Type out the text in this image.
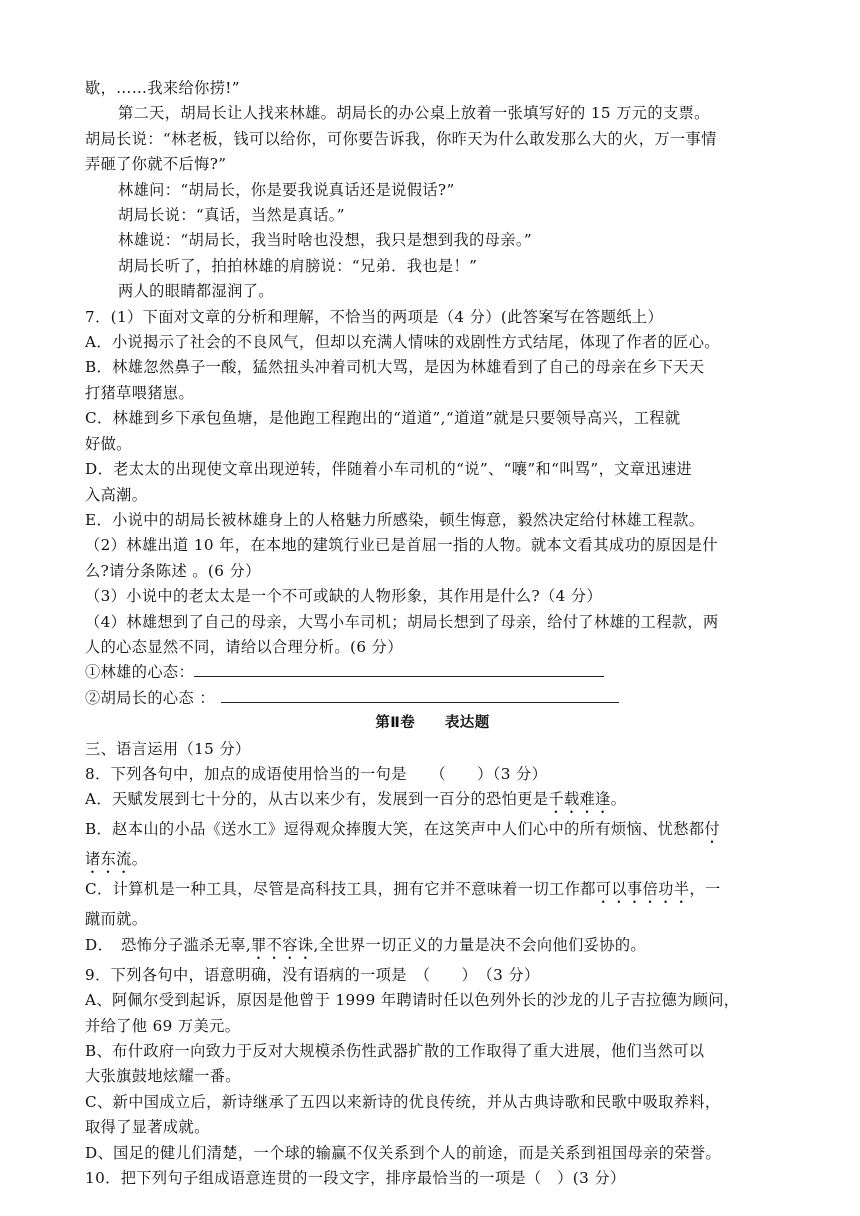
歇，……我来给你捞!”

第二天，胡局长让人找来林雄。胡局长的办公桌上放着一张填写好的 15 万元的支票。

胡局长说：“林老板，钱可以给你，可你要告诉我，你昨天为什么敢发那么大的火，万一事情

弄砸了你就不后悔?”

林雄问：“胡局长，你是要我说真话还是说假话?”

胡局长说：“真话，当然是真话。”

林雄说：“胡局长，我当时啥也没想，我只是想到我的母亲。”

胡局长听了，拍拍林雄的肩膀说：“兄弟．我也是！”

两人的眼睛都湿润了。

7．(1）下面对文章的分析和理解，不恰当的两项是（4 分）(此答案写在答题纸上）

A．小说揭示了社会的不良风气，但却以充满人情味的戏剧性方式结尾，体现了作者的匠心。

B．林雄忽然鼻子一酸，猛然扭头冲着司机大骂，是因为林雄看到了自己的母亲在乡下天天

打猪草喂猪崽。

C．林雄到乡下承包鱼塘，是他跑工程跑出的“道道”,“道道”就是只要领导高兴，工程就

好做。

D．老太太的出现使文章出现逆转，伴随着小车司机的“说”、“嚷”和“叫骂”，文章迅速进

入高潮。

E．小说中的胡局长被林雄身上的人格魅力所感染，顿生悔意，毅然决定给付林雄工程款。

（2）林雄出道 10 年，在本地的建筑行业已是首屈一指的人物。就本文看其成功的原因是什

么?请分条陈述 。(6 分）

（3）小说中的老太太是一个不可或缺的人物形象，其作用是什么?（4 分）

（4）林雄想到了自己的母亲，大骂小车司机；胡局长想到了母亲，给付了林雄的工程款，两

人的心态显然不同，请给以合理分析。(6 分）

①林雄的心态：

②胡局长的心态 ：

第Ⅱ卷　　表达题

三、语言运用（15 分）

8．下列各句中，加点的成语使用恰当的一句是　　（　　）（3 分）

A．天赋发展到七十分的，从古以来少有，发展到一百分的恐怕更是千载难逢。

B．赵本山的小品《送水工》逗得观众捧腹大笑，在这笑声中人们心中的所有烦恼、忧愁都付

诸东流。

C．计算机是一种工具，尽管是高科技工具，拥有它并不意味着一切工作都可以事倍功半，一

蹴而就。

D．　恐怖分子滥杀无辜,罪不容诛,全世界一切正义的力量是决不会向他们妥协的。

9．下列各句中，语意明确，没有语病的一项是　（　　）　（3 分）

A、阿佩尔受到起诉，原因是他曾于 1999 年聘请时任以色列外长的沙龙的儿子吉拉德为顾问，

并给了他 69 万美元。

B、布什政府一向致力于反对大规模杀伤性武器扩散的工作取得了重大进展，他们当然可以

大张旗鼓地炫耀一番。

C、新中国成立后，新诗继承了五四以来新诗的优良传统，并从古典诗歌和民歌中吸取养料，

取得了显著成就。

D、国足的健儿们清楚，一个球的输赢不仅关系到个人的前途，而是关系到祖国母亲的荣誉。

10．把下列句子组成语意连贯的一段文字，排序最恰当的一项是（　）(3 分）
